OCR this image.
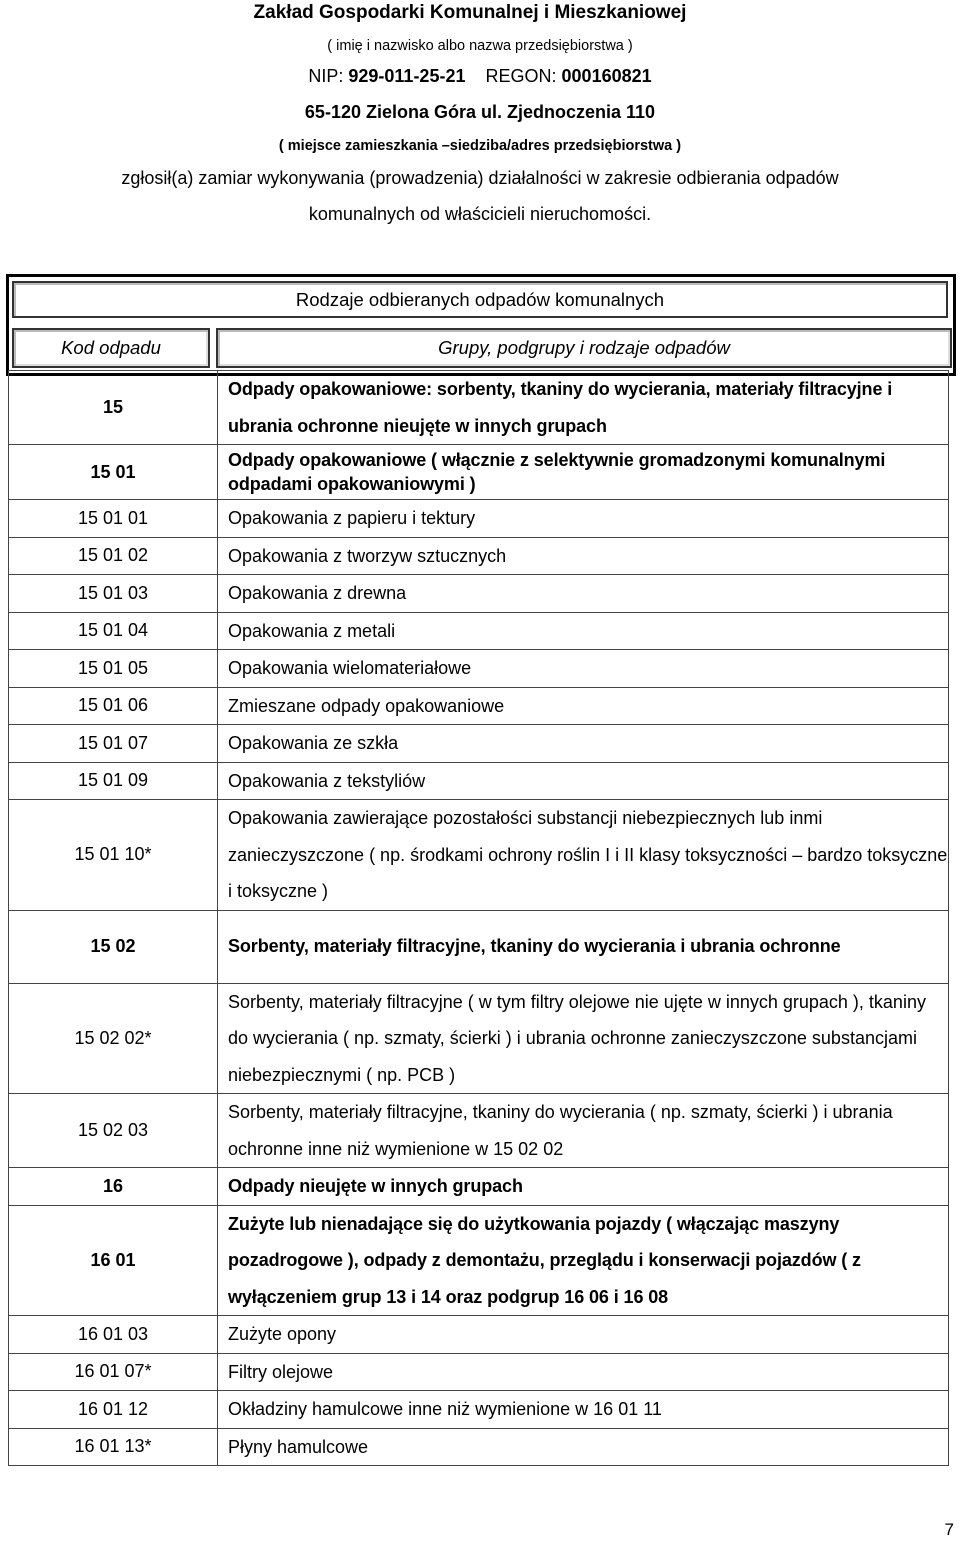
Zakład Gospodarki Komunalnej i Mieszkaniowej
( imię i nazwisko albo nazwa przedsiębiorstwa )
NIP: 929-011-25-21 REGON: 000160821
65-120 Zielona Góra ul. Zjednoczenia 110
( miejsce zamieszkania –siedziba/adres przedsiębiorstwa )
zgłosił(a) zamiar wykonywania (prowadzenia) działalności w zakresie odbierania odpadów
komunalnych od właścicieli nieruchomości.
Rodzaje odbieranych odpadów komunalnych
Kod odpadu	Grupy, podgrupy i rodzaje odpadów
15	Odpady opakowaniowe: sorbenty, tkaniny do wycierania, materiały filtracyjne i ubrania ochronne nieujęte w innych grupach
15 01	Odpady opakowaniowe ( włącznie z selektywnie gromadzonymi komunalnymi odpadami opakowaniowymi )
15 01 01	Opakowania z papieru i tektury
15 01 02	Opakowania z tworzyw sztucznych
15 01 03	Opakowania z drewna
15 01 04	Opakowania z metali
15 01 05	Opakowania wielomateriałowe
15 01 06	Zmieszane odpady opakowaniowe
15 01 07	Opakowania ze szkła
15 01 09	Opakowania z tekstyliów
15 01 10*	Opakowania zawierające pozostałości substancji niebezpiecznych lub inmi zanieczyszczone ( np. środkami ochrony roślin I i II klasy toksyczności – bardzo toksyczne i toksyczne )
15 02	Sorbenty, materiały filtracyjne, tkaniny do wycierania i ubrania ochronne
15 02 02*	Sorbenty, materiały filtracyjne ( w tym filtry olejowe nie ujęte w innych grupach ), tkaniny do wycierania ( np. szmaty, ścierki ) i ubrania ochronne zanieczyszczone substancjami niebezpiecznymi ( np. PCB )
15 02 03	Sorbenty, materiały filtracyjne, tkaniny do wycierania ( np. szmaty, ścierki ) i ubrania ochronne inne niż wymienione w 15 02 02
16	Odpady nieujęte w innych grupach
16 01	Zużyte lub nienadające się do użytkowania pojazdy ( włączając maszyny pozadrogowe ), odpady z demontażu, przeglądu i konserwacji pojazdów ( z wyłączeniem grup 13 i 14 oraz podgrup 16 06 i 16 08
16 01 03	Zużyte opony
16 01 07*	Filtry olejowe
16 01 12	Okładziny hamulcowe inne niż wymienione w 16 01 11
16 01 13*	Płyny hamulcowe
7
